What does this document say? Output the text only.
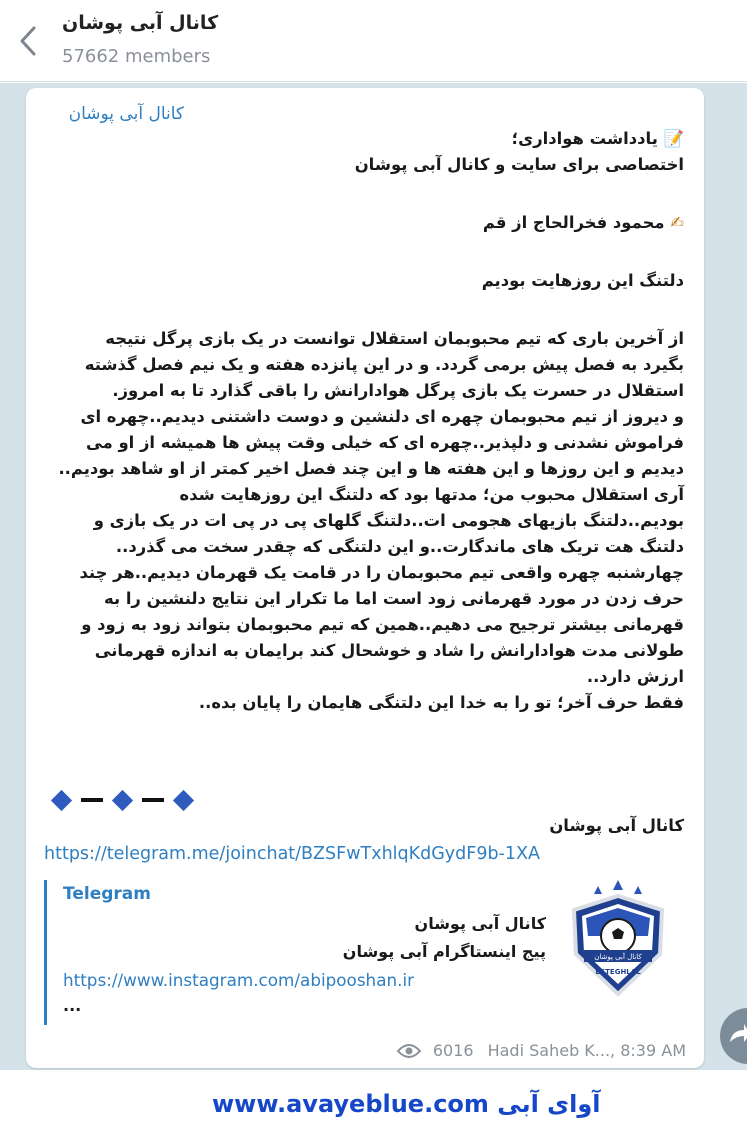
کانال آبی پوشان
57662 members
کانال آبی پوشان
📝 یادداشت هواداری؛
اختصاصی برای سایت و کانال آبی پوشان
✍ محمود فخرالحاج از قم
دلتنگ این روزهایت بودیم
از آخرین باری که تیم محبوبمان استقلال توانست در یک بازی پرگل نتیجه
بگیرد به فصل پیش برمی گردد. و در این پانزده هفته و یک نیم فصل گذشته
استقلال در حسرت یک بازی پرگل هوادارانش را باقی گذارد تا به امروز.
و دیروز از تیم محبوبمان چهره ای دلنشین و دوست داشتنی دیدیم..چهره ای
فراموش نشدنی و دلپذیر..چهره ای که خیلی وقت پیش ها همیشه از او می
دیدیم و این روزها و این هفته ها و این چند فصل اخیر کمتر از او شاهد بودیم..
آری استقلال محبوب من؛ مدتها بود که دلتنگ این روزهایت شده
بودیم..دلتنگ بازیهای هجومی ات..دلتنگ گلهای پی در پی ات در یک بازی و
دلتنگ هت تریک های ماندگارت..و این دلتنگی که چقدر سخت می گذرد..
چهارشنبه چهره واقعی تیم محبوبمان را در قامت یک قهرمان دیدیم..هر چند
حرف زدن در مورد قهرمانی زود است اما ما تکرار این نتایج دلنشین را به
قهرمانی بیشتر ترجیح می دهیم..همین که تیم محبوبمان بتواند زود به زود و
طولانی مدت هوادارانش را شاد و خوشحال کند برایمان به اندازه قهرمانی
ارزش دارد..
فقط حرف آخر؛ تو را به خدا این دلتنگی هایمان را پایان بده..
کانال آبی پوشان
https://telegram.me/joinchat/BZSFwTxhlqKdGydF9b-1XA
Telegram
کانال آبی پوشان
پیج اینستاگرام آبی پوشان
https://www.instagram.com/abipooshan.ir
...
کانال آبی پوشان
ESTEGHLAL
6016 Hadi Saheb K..., 8:39 AM
www.avayeblue.com آوای آبی
